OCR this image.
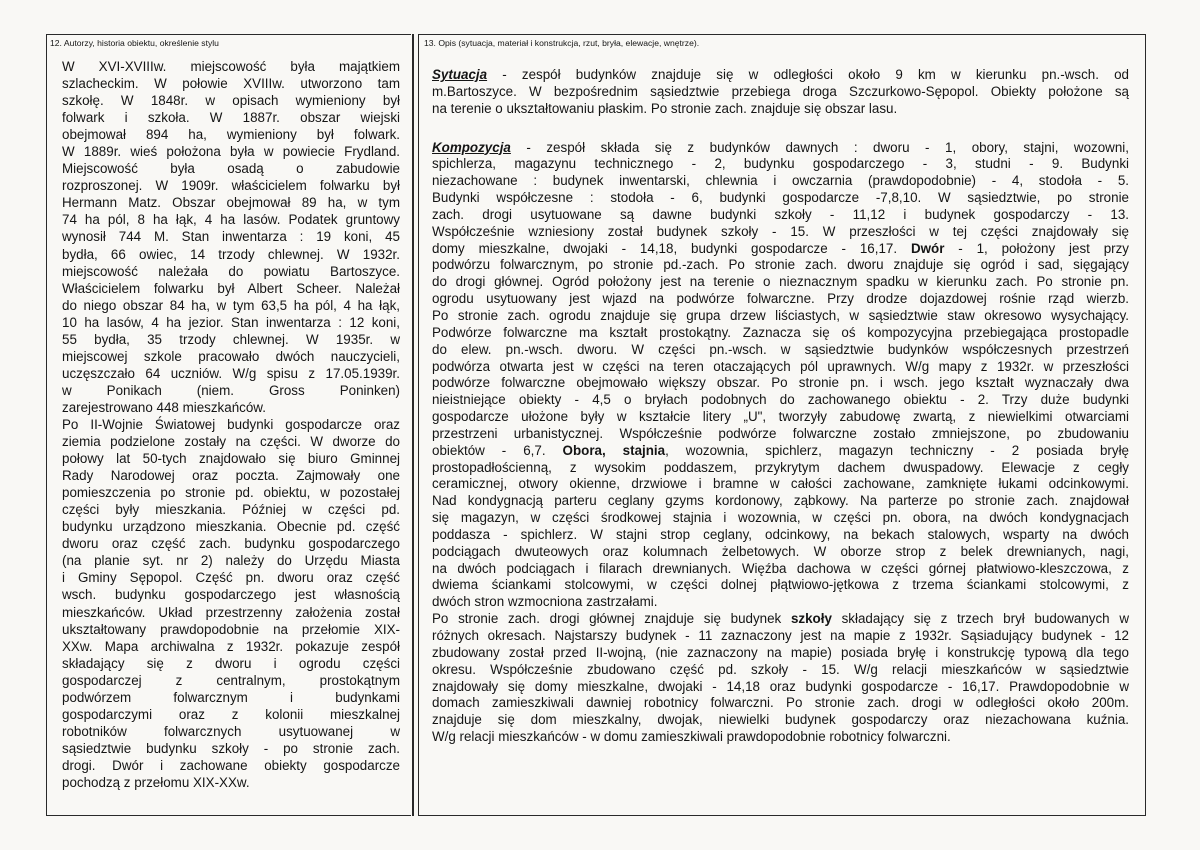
12. Autorzy, historia obiektu, określenie stylu	13. Opis (sytuacja, materiał i konstrukcja, rzut, bryła, elewacje, wnętrze).
W XVI-XVIIIw. miejscowość była majątkiem
szlacheckim. W połowie XVIIIw. utworzono tam
szkołę. W 1848r. w opisach wymieniony był
folwark i szkoła. W 1887r. obszar wiejski
obejmował 894 ha, wymieniony był folwark.
W 1889r. wieś położona była w powiecie Frydland.
Miejscowość była osadą o zabudowie
rozproszonej. W 1909r. właścicielem folwarku był
Hermann Matz. Obszar obejmował 89 ha, w tym
74 ha pól, 8 ha łąk, 4 ha lasów. Podatek gruntowy
wynosił 744 M. Stan inwentarza : 19 koni, 45
bydła, 66 owiec, 14 trzody chlewnej. W 1932r.
miejscowość należała do powiatu Bartoszyce.
Właścicielem folwarku był Albert Scheer. Należał
do niego obszar 84 ha, w tym 63,5 ha pól, 4 ha łąk,
10 ha lasów, 4 ha jezior. Stan inwentarza : 12 koni,
55 bydła, 35 trzody chlewnej. W 1935r. w
miejscowej szkole pracowało dwóch nauczycieli,
uczęszczało 64 uczniów. W/g spisu z 17.05.1939r.
w Ponikach (niem. Gross Poninken)
zarejestrowano 448 mieszkańców.
Po II-Wojnie Światowej budynki gospodarcze oraz
ziemia podzielone zostały na części. W dworze do
połowy lat 50-tych znajdowało się biuro Gminnej
Rady Narodowej oraz poczta. Zajmowały one
pomieszczenia po stronie pd. obiektu, w pozostałej
części były mieszkania. Później w części pd.
budynku urządzono mieszkania. Obecnie pd. część
dworu oraz część zach. budynku gospodarczego
(na planie syt. nr 2) należy do Urzędu Miasta
i Gminy Sępopol. Część pn. dworu oraz część
wsch. budynku gospodarczego jest własnością
mieszkańców. Układ przestrzenny założenia został
ukształtowany prawdopodobnie na przełomie XIX-
XXw. Mapa archiwalna z 1932r. pokazuje zespół
składający się z dworu i ogrodu części
gospodarczej z centralnym, prostokątnym
podwórzem folwarcznym i budynkami
gospodarczymi oraz z kolonii mieszkalnej
robotników folwarcznych usytuowanej w
sąsiedztwie budynku szkoły - po stronie zach.
drogi. Dwór i zachowane obiekty gospodarcze
pochodzą z przełomu XIX-XXw.
Sytuacja - zespół budynków znajduje się w odległości około 9 km w kierunku pn.-wsch. od
m.Bartoszyce. W bezpośrednim sąsiedztwie przebiega droga Szczurkowo-Sępopol. Obiekty położone są
na terenie o ukształtowaniu płaskim. Po stronie zach. znajduje się obszar lasu.
Kompozycja - zespół składa się z budynków dawnych : dworu - 1, obory, stajni, wozowni,
spichlerza, magazynu technicznego - 2, budynku gospodarczego - 3, studni - 9. Budynki
niezachowane : budynek inwentarski, chlewnia i owczarnia (prawdopodobnie) - 4, stodoła - 5.
Budynki współczesne : stodoła - 6, budynki gospodarcze -7,8,10. W sąsiedztwie, po stronie
zach. drogi usytuowane są dawne budynki szkoły - 11,12 i budynek gospodarczy - 13.
Współcześnie wzniesiony został budynek szkoły - 15. W przeszłości w tej części znajdowały się
domy mieszkalne, dwojaki - 14,18, budynki gospodarcze - 16,17. Dwór - 1, położony jest przy
podwórzu folwarcznym, po stronie pd.-zach. Po stronie zach. dworu znajduje się ogród i sad, sięgający
do drogi głównej. Ogród położony jest na terenie o nieznacznym spadku w kierunku zach. Po stronie pn.
ogrodu usytuowany jest wjazd na podwórze folwarczne. Przy drodze dojazdowej rośnie rząd wierzb.
Po stronie zach. ogrodu znajduje się grupa drzew liściastych, w sąsiedztwie staw okresowo wysychający.
Podwórze folwarczne ma kształt prostokątny. Zaznacza się oś kompozycyjna przebiegająca prostopadle
do elew. pn.-wsch. dworu. W części pn.-wsch. w sąsiedztwie budynków współczesnych przestrzeń
podwórza otwarta jest w części na teren otaczających pól uprawnych. W/g mapy z 1932r. w przeszłości
podwórze folwarczne obejmowało większy obszar. Po stronie pn. i wsch. jego kształt wyznaczały dwa
nieistniejące obiekty - 4,5 o bryłach podobnych do zachowanego obiektu - 2. Trzy duże budynki
gospodarcze ułożone były w kształcie litery „U", tworzyły zabudowę zwartą, z niewielkimi otwarciami
przestrzeni urbanistycznej. Współcześnie podwórze folwarczne zostało zmniejszone, po zbudowaniu
obiektów - 6,7. Obora, stajnia, wozownia, spichlerz, magazyn techniczny - 2 posiada bryłę
prostopadłościenną, z wysokim poddaszem, przykrytym dachem dwuspadowy. Elewacje z cegły
ceramicznej, otwory okienne, drzwiowe i bramne w całości zachowane, zamknięte łukami odcinkowymi.
Nad kondygnacją parteru ceglany gzyms kordonowy, ząbkowy. Na parterze po stronie zach. znajdował
się magazyn, w części środkowej stajnia i wozownia, w części pn. obora, na dwóch kondygnacjach
poddasza - spichlerz. W stajni strop ceglany, odcinkowy, na bekach stalowych, wsparty na dwóch
podciągach dwuteowych oraz kolumnach żelbetowych. W oborze strop z belek drewnianych, nagi,
na dwóch podciągach i filarach drewnianych. Więźba dachowa w części górnej płatwiowo-kleszczowa, z
dwiema ściankami stolcowymi, w części dolnej płątwiowo-jętkowa z trzema ściankami stolcowymi, z
dwóch stron wzmocniona zastrzałami.
Po stronie zach. drogi głównej znajduje się budynek szkoły składający się z trzech brył budowanych w
różnych okresach. Najstarszy budynek - 11 zaznaczony jest na mapie z 1932r. Sąsiadujący budynek - 12
zbudowany został przed II-wojną, (nie zaznaczony na mapie) posiada bryłę i konstrukcję typową dla tego
okresu. Współcześnie zbudowano część pd. szkoły - 15. W/g relacji mieszkańców w sąsiedztwie
znajdowały się domy mieszkalne, dwojaki - 14,18 oraz budynki gospodarcze - 16,17. Prawdopodobnie w
domach zamieszkiwali dawniej robotnicy folwarczni. Po stronie zach. drogi w odległości około 200m.
znajduje się dom mieszkalny, dwojak, niewielki budynek gospodarczy oraz niezachowana kuźnia.
W/g relacji mieszkańców - w domu zamieszkiwali prawdopodobnie robotnicy folwarczni.
